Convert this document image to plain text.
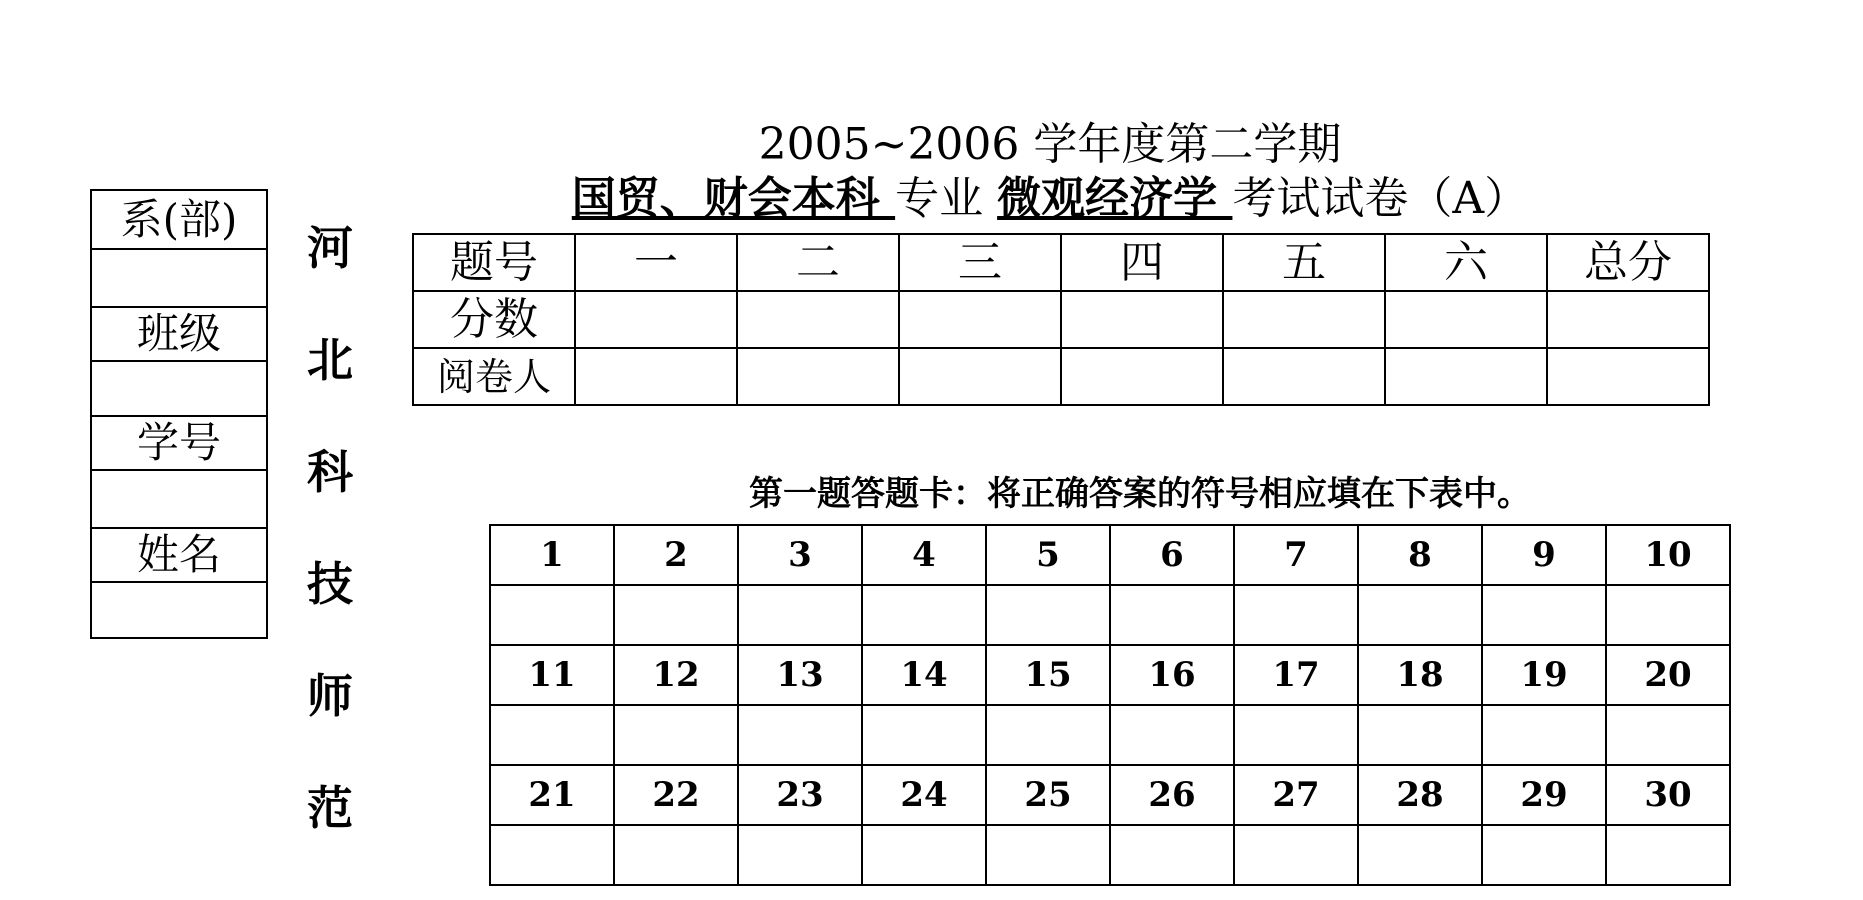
2005~2006 学年度第二学期
国贸、财会本科 专业 微观经济学 考试试卷（A）
系(部)

班级

学号

姓名

河
北
科
技
师
范
题号	一	二	三	四	五	六	总分
分数							
阅卷人							
第一题答题卡：将正确答案的符号相应填在下表中。
1	2	3	4	5	6	7	8	9	10

11	12	13	14	15	16	17	18	19	20

21	22	23	24	25	26	27	28	29	30
